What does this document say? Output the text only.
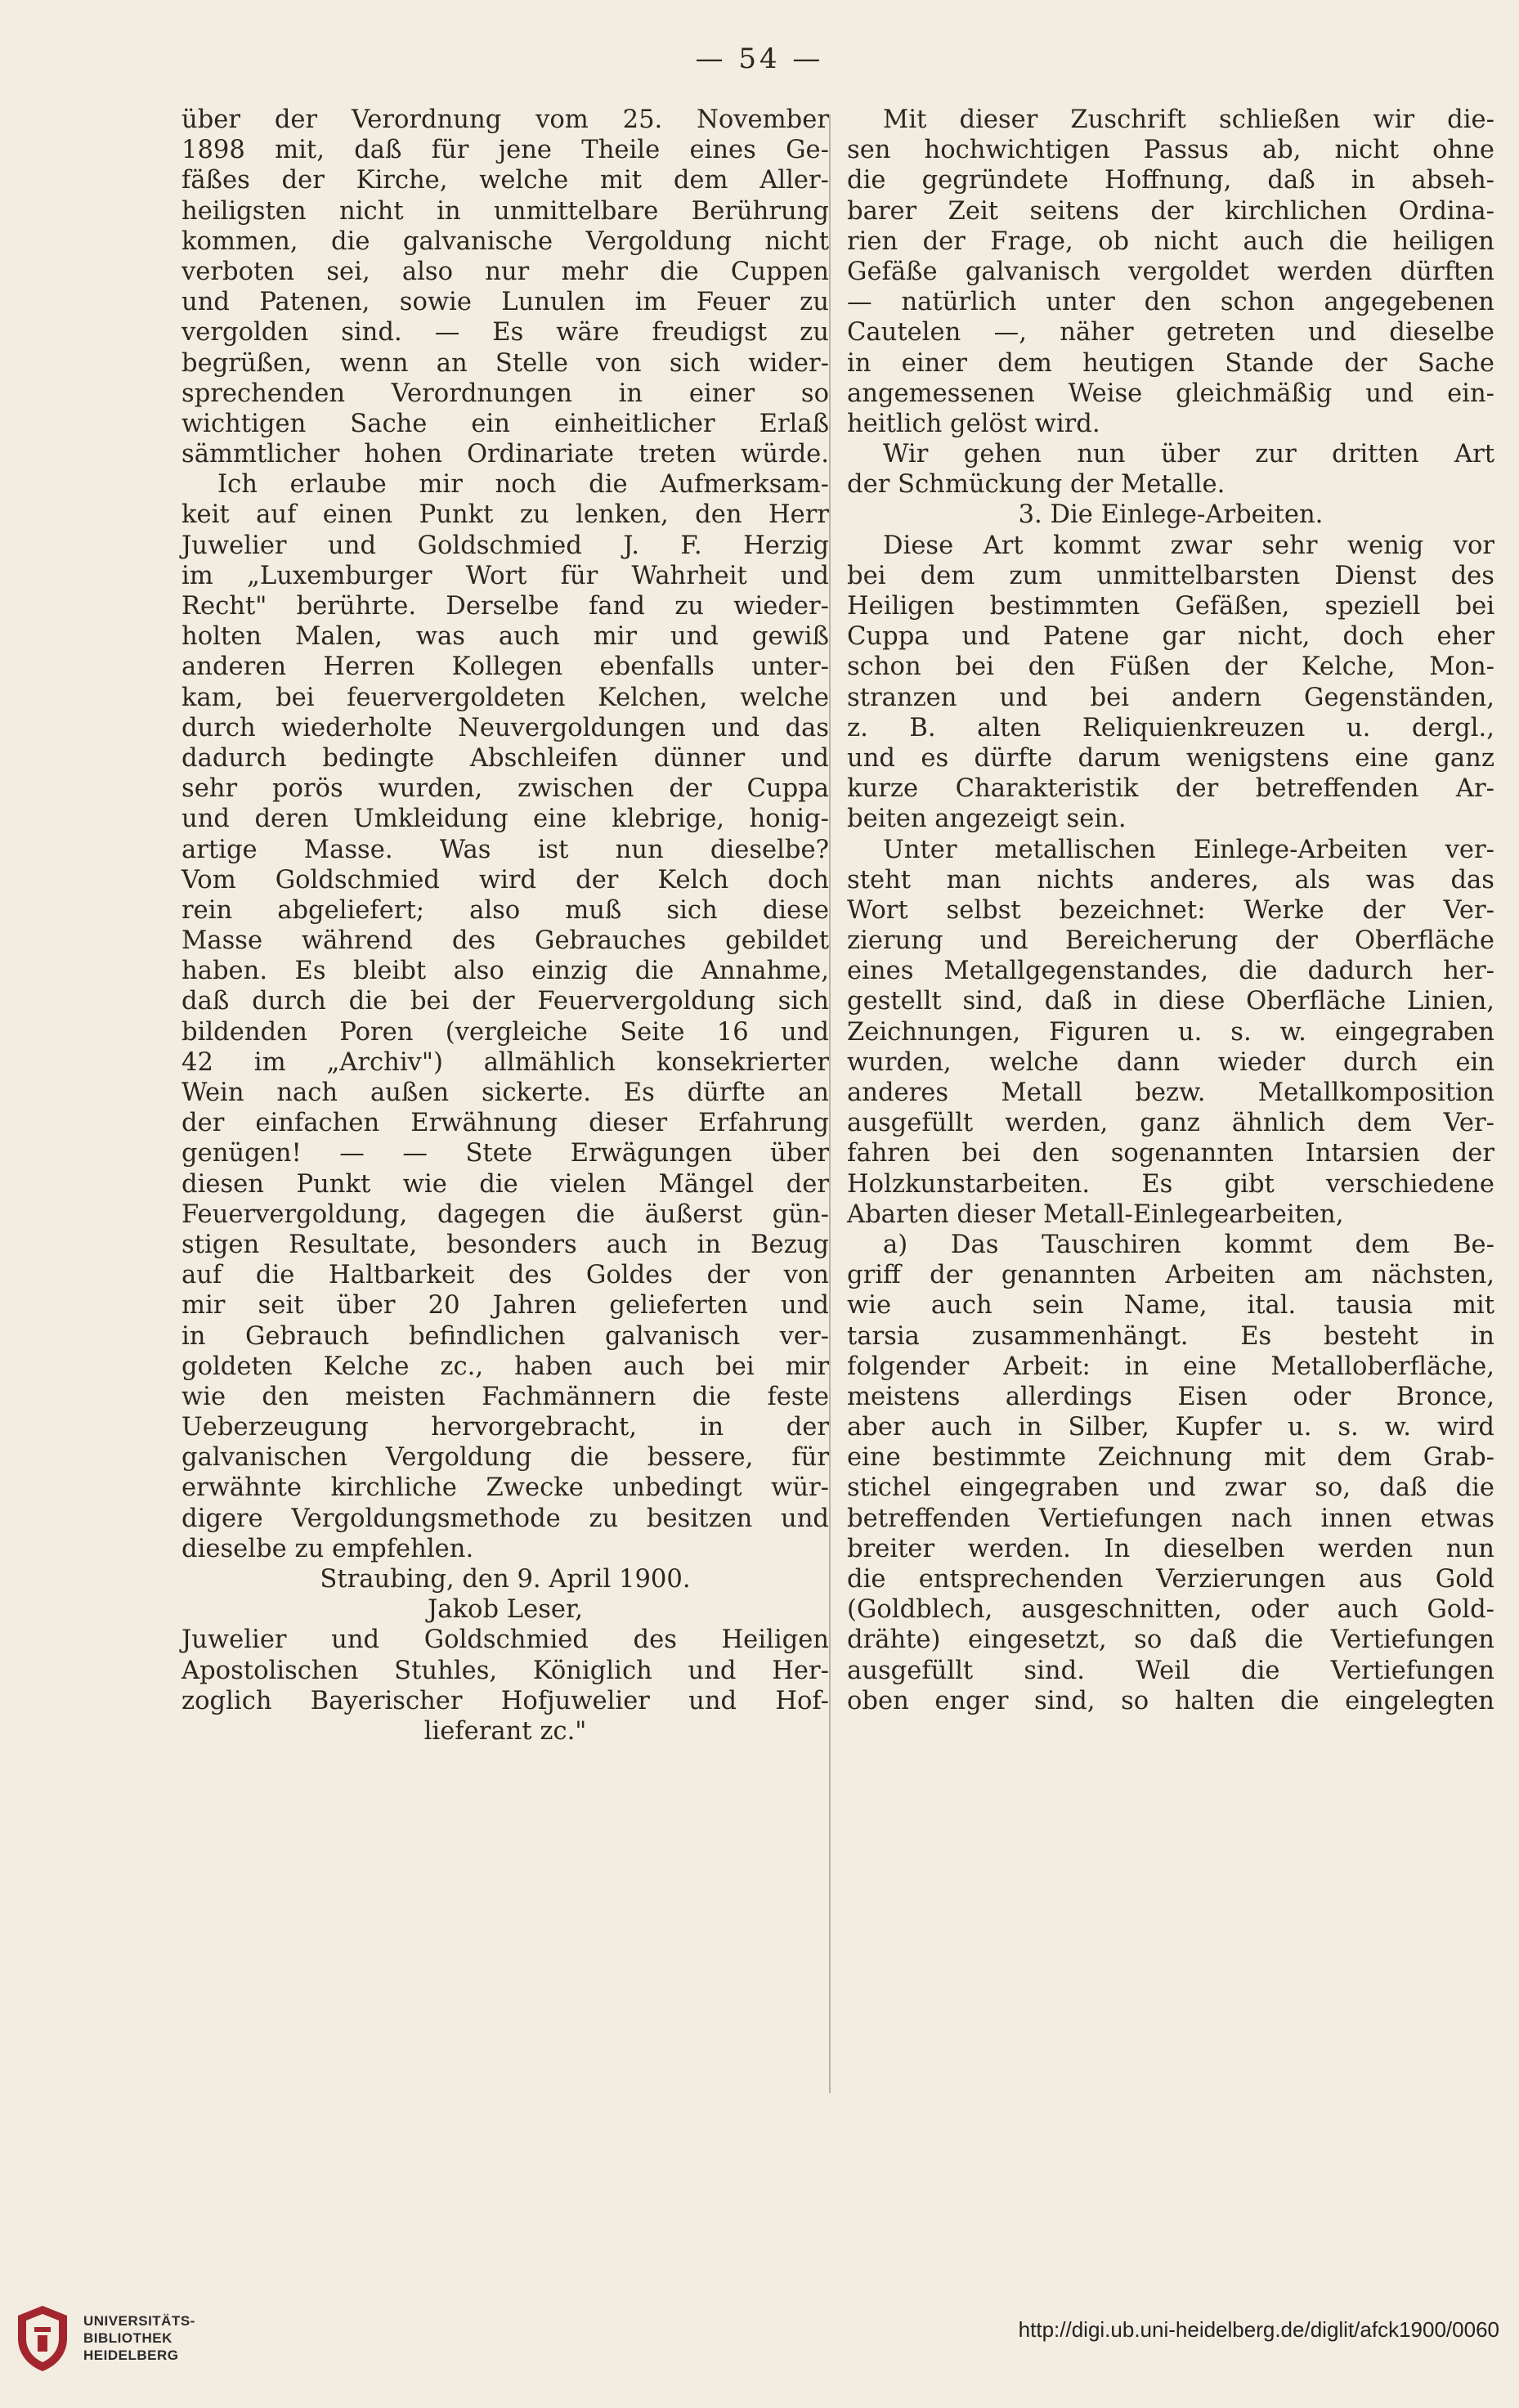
— 54 —
über der Verordnung vom 25. November
1898 mit, daß für jene Theile eines Ge-
fäßes der Kirche, welche mit dem Aller-
heiligsten nicht in unmittelbare Berührung
kommen, die galvanische Vergoldung nicht
verboten sei, also nur mehr die Cuppen
und Patenen, sowie Lunulen im Feuer zu
vergolden sind. — Es wäre freudigst zu
begrüßen, wenn an Stelle von sich wider-
sprechenden Verordnungen in einer so
wichtigen Sache ein einheitlicher Erlaß
sämmtlicher hohen Ordinariate treten würde.
Ich erlaube mir noch die Aufmerksam-
keit auf einen Punkt zu lenken, den Herr
Juwelier und Goldschmied J. F. Herzig
im „Luxemburger Wort für Wahrheit und
Recht" berührte. Derselbe fand zu wieder-
holten Malen, was auch mir und gewiß
anderen Herren Kollegen ebenfalls unter-
kam, bei feuervergoldeten Kelchen, welche
durch wiederholte Neuvergoldungen und das
dadurch bedingte Abschleifen dünner und
sehr porös wurden, zwischen der Cuppa
und deren Umkleidung eine klebrige, honig-
artige Masse. Was ist nun dieselbe?
Vom Goldschmied wird der Kelch doch
rein abgeliefert; also muß sich diese
Masse während des Gebrauches gebildet
haben. Es bleibt also einzig die Annahme,
daß durch die bei der Feuervergoldung sich
bildenden Poren (vergleiche Seite 16 und
42 im „Archiv") allmählich konsekrierter
Wein nach außen sickerte. Es dürfte an
der einfachen Erwähnung dieser Erfahrung
genügen! — — Stete Erwägungen über
diesen Punkt wie die vielen Mängel der
Feuervergoldung, dagegen die äußerst gün-
stigen Resultate, besonders auch in Bezug
auf die Haltbarkeit des Goldes der von
mir seit über 20 Jahren gelieferten und
in Gebrauch befindlichen galvanisch ver-
goldeten Kelche zc., haben auch bei mir
wie den meisten Fachmännern die feste
Ueberzeugung hervorgebracht, in der
galvanischen Vergoldung die bessere, für
erwähnte kirchliche Zwecke unbedingt wür-
digere Vergoldungsmethode zu besitzen und
dieselbe zu empfehlen.
Straubing, den 9. April 1900.
Jakob Leser,
Juwelier und Goldschmied des Heiligen
Apostolischen Stuhles, Königlich und Her-
zoglich Bayerischer Hofjuwelier und Hof-
lieferant zc."
Mit dieser Zuschrift schließen wir die-
sen hochwichtigen Passus ab, nicht ohne
die gegründete Hoffnung, daß in abseh-
barer Zeit seitens der kirchlichen Ordina-
rien der Frage, ob nicht auch die heiligen
Gefäße galvanisch vergoldet werden dürften
— natürlich unter den schon angegebenen
Cautelen —, näher getreten und dieselbe
in einer dem heutigen Stande der Sache
angemessenen Weise gleichmäßig und ein-
heitlich gelöst wird.
Wir gehen nun über zur dritten Art
der Schmückung der Metalle.
3. Die Einlege-Arbeiten.
Diese Art kommt zwar sehr wenig vor
bei dem zum unmittelbarsten Dienst des
Heiligen bestimmten Gefäßen, speziell bei
Cuppa und Patene gar nicht, doch eher
schon bei den Füßen der Kelche, Mon-
stranzen und bei andern Gegenständen,
z. B. alten Reliquienkreuzen u. dergl.,
und es dürfte darum wenigstens eine ganz
kurze Charakteristik der betreffenden Ar-
beiten angezeigt sein.
Unter metallischen Einlege-Arbeiten ver-
steht man nichts anderes, als was das
Wort selbst bezeichnet: Werke der Ver-
zierung und Bereicherung der Oberfläche
eines Metallgegenstandes, die dadurch her-
gestellt sind, daß in diese Oberfläche Linien,
Zeichnungen, Figuren u. s. w. eingegraben
wurden, welche dann wieder durch ein
anderes Metall bezw. Metallkomposition
ausgefüllt werden, ganz ähnlich dem Ver-
fahren bei den sogenannten Intarsien der
Holzkunstarbeiten. Es gibt verschiedene
Abarten dieser Metall-Einlegearbeiten,
a) Das Tauschiren kommt dem Be-
griff der genannten Arbeiten am nächsten,
wie auch sein Name, ital. tausia mit
tarsia zusammenhängt. Es besteht in
folgender Arbeit: in eine Metalloberfläche,
meistens allerdings Eisen oder Bronce,
aber auch in Silber, Kupfer u. s. w. wird
eine bestimmte Zeichnung mit dem Grab-
stichel eingegraben und zwar so, daß die
betreffenden Vertiefungen nach innen etwas
breiter werden. In dieselben werden nun
die entsprechenden Verzierungen aus Gold
(Goldblech, ausgeschnitten, oder auch Gold-
drähte) eingesetzt, so daß die Vertiefungen
ausgefüllt sind. Weil die Vertiefungen
oben enger sind, so halten die eingelegten
UNIVERSITÄTS-
BIBLIOTHEK
HEIDELBERG
http://digi.ub.uni-heidelberg.de/diglit/afck1900/0060
